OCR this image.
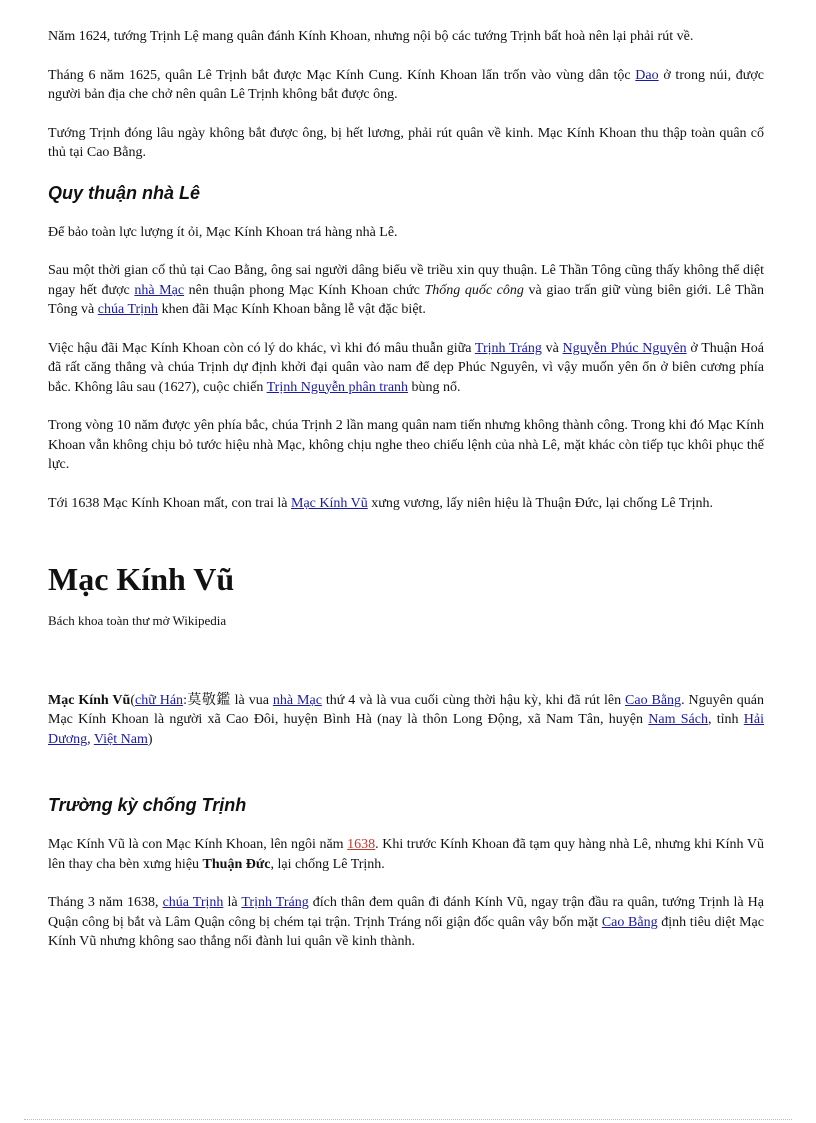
Năm 1624, tướng Trịnh Lệ mang quân đánh Kính Khoan, nhưng nội bộ các tướng Trịnh bất hoà nên lại phải rút về.

Tháng 6 năm 1625, quân Lê Trịnh bắt được Mạc Kính Cung. Kính Khoan lẩn trốn vào vùng dân tộc Dao ở trong núi, được người bản địa che chở nên quân Lê Trịnh không bắt được ông.

Tướng Trịnh đóng lâu ngày không bắt được ông, bị hết lương, phải rút quân về kinh. Mạc Kính Khoan thu thập toàn quân cố thủ tại Cao Bằng.

Quy thuận nhà Lê

Để bảo toàn lực lượng ít ỏi, Mạc Kính Khoan trá hàng nhà Lê.

Sau một thời gian cố thủ tại Cao Bằng, ông sai người dâng biểu về triều xin quy thuận. Lê Thần Tông cũng thấy không thể diệt ngay hết được nhà Mạc nên thuận phong Mạc Kính Khoan chức Thống quốc công và giao trấn giữ vùng biên giới. Lê Thần Tông và chúa Trịnh khen đãi Mạc Kính Khoan bằng lễ vật đặc biệt.

Việc hậu đãi Mạc Kính Khoan còn có lý do khác, vì khi đó mâu thuẫn giữa Trịnh Tráng và Nguyễn Phúc Nguyên ở Thuận Hoá đã rất căng thẳng và chúa Trịnh dự định khởi đại quân vào nam để dẹp Phúc Nguyên, vì vậy muốn yên ổn ở biên cương phía bắc. Không lâu sau (1627), cuộc chiến Trịnh Nguyễn phân tranh bùng nổ.

Trong vòng 10 năm được yên phía bắc, chúa Trịnh 2 lần mang quân nam tiến nhưng không thành công. Trong khi đó Mạc Kính Khoan vẫn không chịu bỏ tước hiệu nhà Mạc, không chịu nghe theo chiếu lệnh của nhà Lê, mặt khác còn tiếp tục khôi phục thế lực.

Tới 1638 Mạc Kính Khoan mất, con trai là Mạc Kính Vũ xưng vương, lấy niên hiệu là Thuận Đức, lại chống Lê Trịnh.

Mạc Kính Vũ

Bách khoa toàn thư mở Wikipedia

Mạc Kính Vũ(chữ Hán:莫敬鑑 là vua nhà Mạc thứ 4 và là vua cuối cùng thời hậu kỳ, khi đã rút lên Cao Bằng. Nguyên quán Mạc Kính Khoan là người xã Cao Đôi, huyện Bình Hà (nay là thôn Long Động, xã Nam Tân, huyện Nam Sách, tỉnh Hải Dương, Việt Nam)

Trường kỳ chống Trịnh

Mạc Kính Vũ là con Mạc Kính Khoan, lên ngôi năm 1638. Khi trước Kính Khoan đã tạm quy hàng nhà Lê, nhưng khi Kính Vũ lên thay cha bèn xưng hiệu Thuận Đức, lại chống Lê Trịnh.

Tháng 3 năm 1638, chúa Trịnh là Trịnh Tráng đích thân đem quân đi đánh Kính Vũ, ngay trận đầu ra quân, tướng Trịnh là Hạ Quận công bị bắt và Lâm Quận công bị chém tại trận. Trịnh Tráng nổi giận đốc quân vây bốn mặt Cao Bằng định tiêu diệt Mạc Kính Vũ nhưng không sao thắng nổi đành lui quân về kinh thành.
